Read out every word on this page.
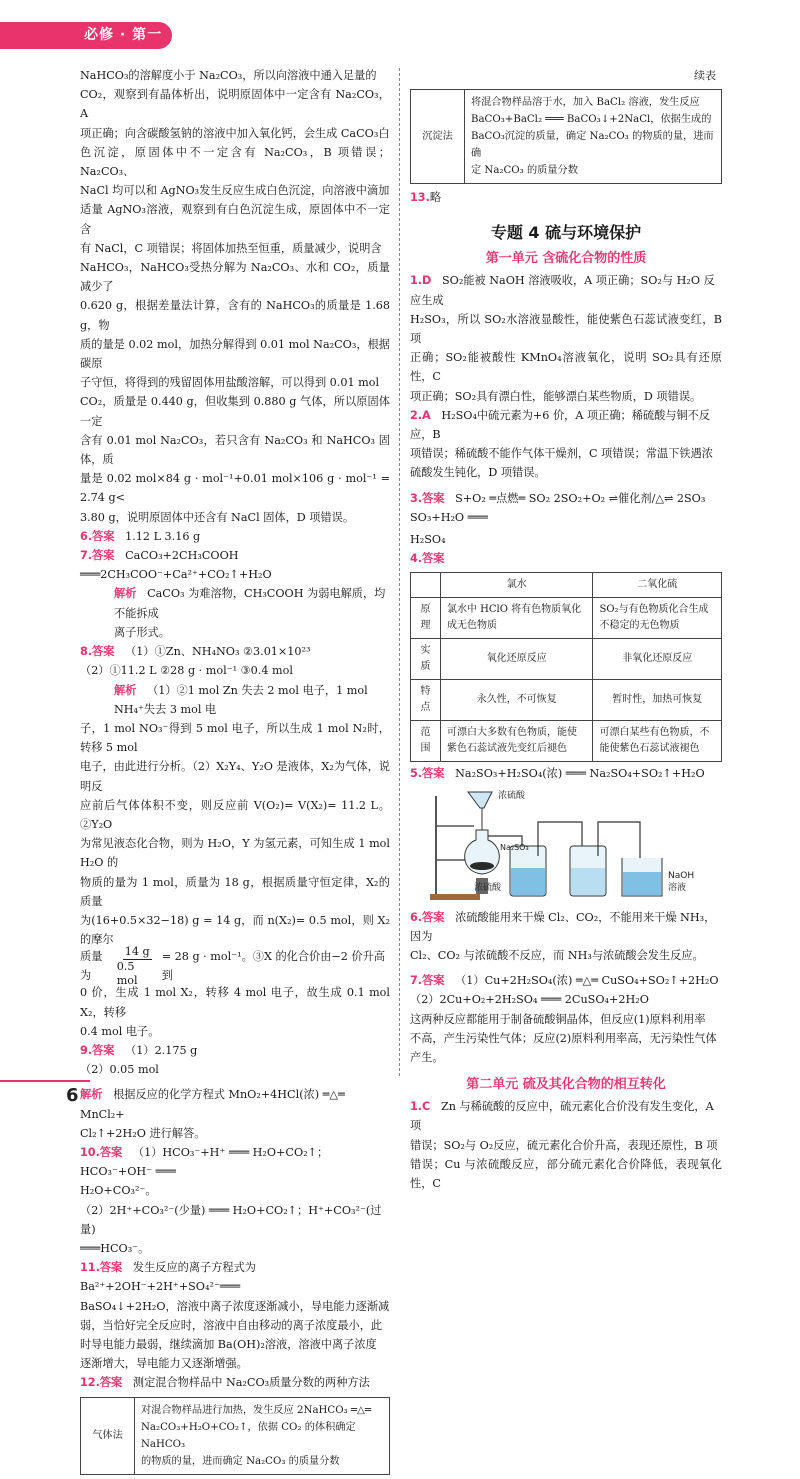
必修 · 第一册
NaHCO₃的溶解度小于 Na₂CO₃，所以向溶液中通入足量的
CO₂，观察到有晶体析出，说明原固体中一定含有 Na₂CO₃，A
项正确；向含碳酸氢钠的溶液中加入氧化钙，会生成 CaCO₃白
色沉淀，原固体中不一定含有 Na₂CO₃，B 项错误；Na₂CO₃、
NaCl 均可以和 AgNO₃发生反应生成白色沉淀，向溶液中滴加
适量 AgNO₃溶液，观察到有白色沉淀生成，原固体中不一定含
有 NaCl，C 项错误；将固体加热至恒重，质量减少，说明含
NaHCO₃，NaHCO₃受热分解为 Na₂CO₃、水和 CO₂，质量减少了
0.620 g，根据差量法计算，含有的 NaHCO₃的质量是 1.68 g，物
质的量是 0.02 mol，加热分解得到 0.01 mol Na₂CO₃，根据碳原
子守恒，将得到的残留固体用盐酸溶解，可以得到 0.01 mol
CO₂，质量是 0.440 g，但收集到 0.880 g 气体，所以原固体一定
含有 0.01 mol Na₂CO₃，若只含有 Na₂CO₃ 和 NaHCO₃ 固体，质
量是 0.02 mol×84 g · mol⁻¹+0.01 mol×106 g · mol⁻¹ = 2.74 g<
3.80 g，说明原固体中还含有 NaCl 固体，D 项错误。
6.答案 1.12 L 3.16 g
7.答案 CaCO₃+2CH₃COOH ═══2CH₃COO⁻+Ca²⁺+CO₂↑+H₂O
解析 CaCO₃ 为难溶物，CH₃COOH 为弱电解质，均不能拆成
离子形式。
8.答案 （1）①Zn、NH₄NO₃ ②3.01×10²³
（2）①11.2 L ②28 g · mol⁻¹ ③0.4 mol
解析 （1）②1 mol Zn 失去 2 mol 电子，1 mol NH₄⁺失去 3 mol 电
子，1 mol NO₃⁻得到 5 mol 电子，所以生成 1 mol N₂时，转移 5 mol
电子，由此进行分析。（2）X₂Y₄、Y₂O 是液体，X₂为气体，说明反
应前后气体体积不变，则反应前 V(O₂)= V(X₂)= 11.2 L。②Y₂O
为常见液态化合物，则为 H₂O，Y 为氢元素，可知生成 1 mol H₂O 的
物质的量为 1 mol，质量为 18 g，根据质量守恒定律，X₂的质量
为(16+0.5×32−18) g = 14 g，而 n(X₂)= 0.5 mol，则 X₂的摩尔
质量为
14 g
0.5 mol
= 28 g · mol⁻¹。③X 的化合价由−2 价升高到
0 价，生成 1 mol X₂，转移 4 mol 电子，故生成 0.1 mol X₂，转移
0.4 mol 电子。
9.答案 （1）2.175 g
（2）0.05 mol
解析 根据反应的化学方程式 MnO₂+4HCl(浓) ═△═ MnCl₂+
Cl₂↑+2H₂O 进行解答。
10.答案 （1）HCO₃⁻+H⁺ ═══ H₂O+CO₂↑；HCO₃⁻+OH⁻ ═══
H₂O+CO₃²⁻。
（2）2H⁺+CO₃²⁻(少量) ═══ H₂O+CO₂↑；H⁺+CO₃²⁻(过量)
═══HCO₃⁻。
11.答案 发生反应的离子方程式为 Ba²⁺+2OH⁻+2H⁺+SO₄²⁻═══
BaSO₄↓+2H₂O，溶液中离子浓度逐渐减小，导电能力逐渐减
弱，当恰好完全反应时，溶液中自由移动的离子浓度最小，此
时导电能力最弱，继续滴加 Ba(OH)₂溶液，溶液中离子浓度
逐渐增大，导电能力又逐渐增强。
12.答案 测定混合物样品中 Na₂CO₃质量分数的两种方法
气体法	
对混合物样品进行加热，发生反应 2NaHCO₃ ═△═
Na₂CO₃+H₂O+CO₂↑，依据 CO₂ 的体积确定 NaHCO₃
的物质的量，进而确定 Na₂CO₃ 的质量分数
续表
沉淀法	
将混合物样品溶于水，加入 BaCl₂ 溶液，发生反应
BaCO₃+BaCl₂ ═══ BaCO₃↓+2NaCl，依据生成的
BaCO₃沉淀的质量，确定 Na₂CO₃ 的物质的量，进而确
定 Na₂CO₃ 的质量分数
13.略
专题 4 硫与环境保护
第一单元 含硫化合物的性质
1.D SO₂能被 NaOH 溶液吸收，A 项正确；SO₂与 H₂O 反应生成
H₂SO₃，所以 SO₂水溶液显酸性，能使紫色石蕊试液变红，B 项
正确；SO₂能被酸性 KMnO₄溶液氧化，说明 SO₂具有还原性，C
项正确；SO₂具有漂白性，能够漂白某些物质，D 项错误。
2.A H₂SO₄中硫元素为+6 价，A 项正确；稀硫酸与铜不反应，B
项错误；稀硫酸不能作气体干燥剂，C 项错误；常温下铁遇浓
硫酸发生钝化，D 项错误。
3.答案 S+O₂ ═点燃═ SO₂ 2SO₂+O₂ ⇌催化剂/△⇌ 2SO₃ SO₃+H₂O ═══
H₂SO₄
4.答案
	氯水	二氧化硫
原理	氯水中 HClO 将有色物质氧化成无色物质	SO₂与有色物质化合生成不稳定的无色物质
实质	氧化还原反应	非氧化还原反应
特点	永久性，不可恢复	暂时性，加热可恢复
范围	可漂白大多数有色物质，能使紫色石蕊试液先变红后褪色	可漂白某些有色物质，不能使紫色石蕊试液褪色
5.答案 Na₂SO₃+H₂SO₄(浓) ═══ Na₂SO₄+SO₂↑+H₂O
浓硫酸
Na₂SO₃
浓硫酸
NaOH
溶液
6.答案 浓硫酸能用来干燥 Cl₂、CO₂，不能用来干燥 NH₃，因为
Cl₂、CO₂ 与浓硫酸不反应，而 NH₃与浓硫酸会发生反应。
7.答案 （1）Cu+2H₂SO₄(浓) ═△═ CuSO₄+SO₂↑+2H₂O
（2）2Cu+O₂+2H₂SO₄ ═══ 2CuSO₄+2H₂O
这两种反应都能用于制备硫酸铜晶体，但反应(1)原料利用率
不高，产生污染性气体；反应(2)原料利用率高，无污染性气体
产生。
第二单元 硫及其化合物的相互转化
1.C Zn 与稀硫酸的反应中，硫元素化合价没有发生变化，A 项
错误；SO₂与 O₂反应，硫元素化合价升高，表现还原性，B 项
错误；Cu 与浓硫酸反应，部分硫元素化合价降低，表现氧化性，C
6
